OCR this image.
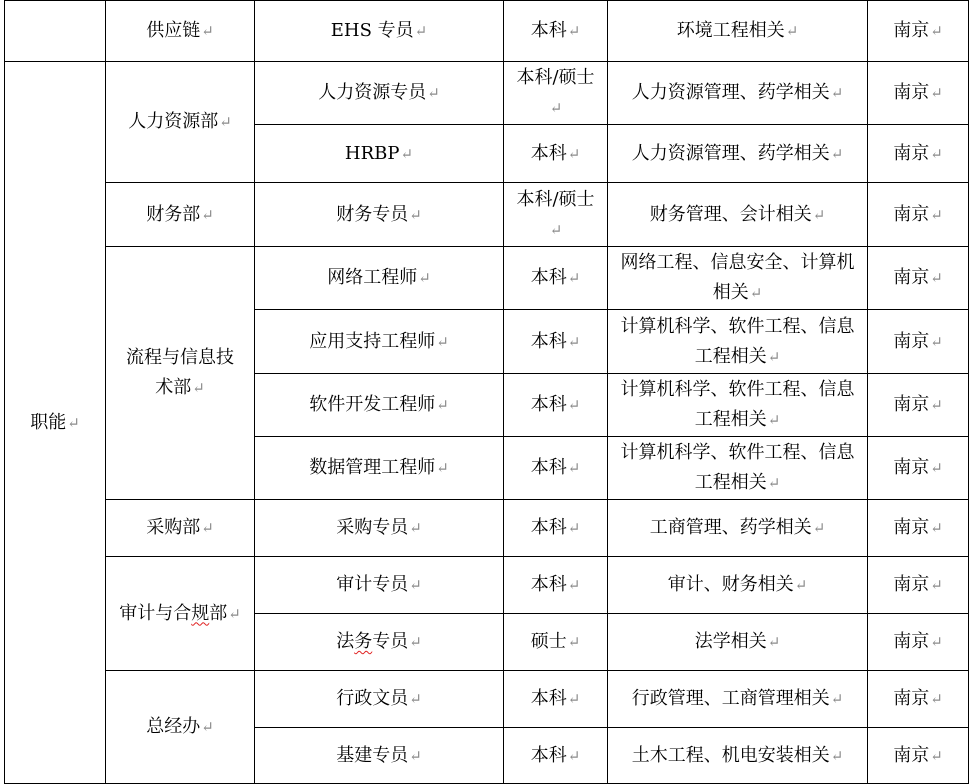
	供应链↵	EHS 专员↵	本科↵	环境工程相关↵	南京↵
职能↵	人力资源部↵	人力资源专员↵	本科/硕士↵	人力资源管理、药学相关↵	南京↵
		HRBP↵	本科↵	人力资源管理、药学相关↵	南京↵
	财务部↵	财务专员↵	本科/硕士↵	财务管理、会计相关↵	南京↵
	流程与信息技术部↵	网络工程师↵	本科↵	网络工程、信息安全、计算机相关↵	南京↵
		应用支持工程师↵	本科↵	计算机科学、软件工程、信息工程相关↵	南京↵
		软件开发工程师↵	本科↵	计算机科学、软件工程、信息工程相关↵	南京↵
		数据管理工程师↵	本科↵	计算机科学、软件工程、信息工程相关↵	南京↵
	采购部↵	采购专员↵	本科↵	工商管理、药学相关↵	南京↵
	审计与合规部↵	审计专员↵	本科↵	审计、财务相关↵	南京↵
		法务专员↵	硕士↵	法学相关↵	南京↵
	总经办↵	行政文员↵	本科↵	行政管理、工商管理相关↵	南京↵
		基建专员↵	本科↵	土木工程、机电安装相关↵	南京↵
